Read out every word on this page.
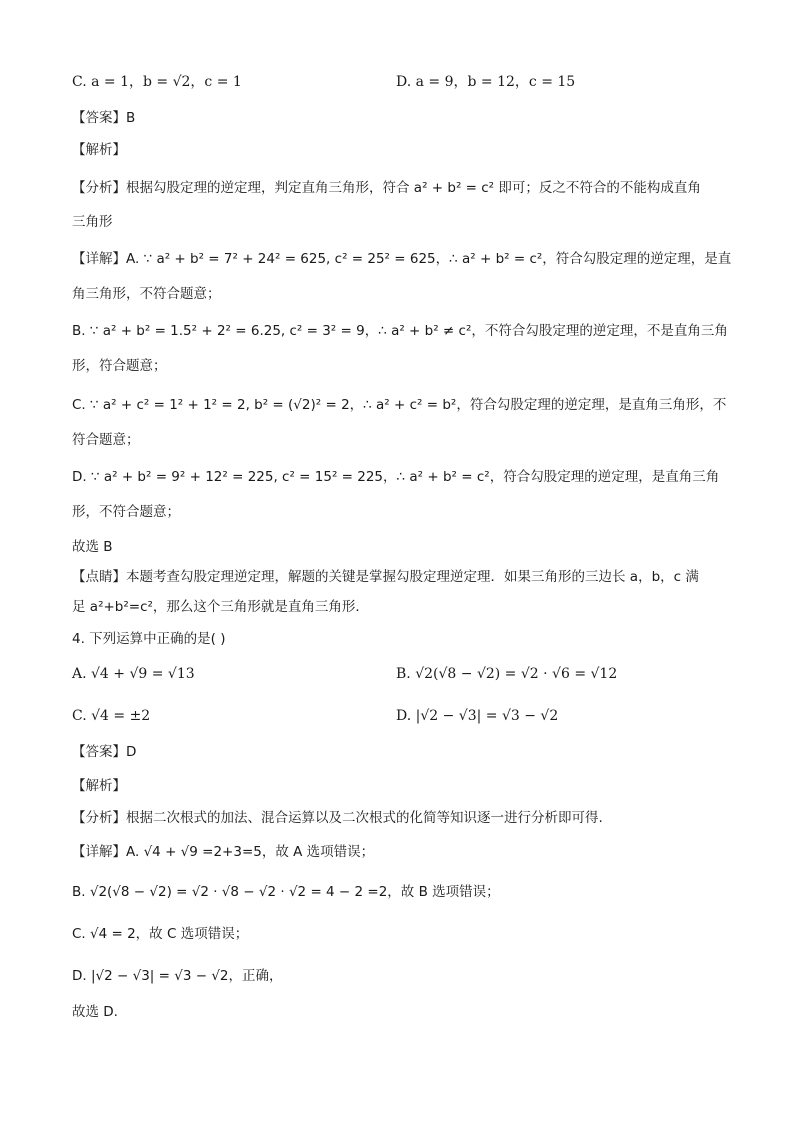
C. a = 1，b = √2，c = 1	D. a = 9，b = 12，c = 15
【答案】B
【解析】
【分析】根据勾股定理的逆定理，判定直角三角形，符合 a² + b² = c² 即可；反之不符合的不能构成直角
三角形
【详解】A. ∵ a² + b² = 7² + 24² = 625, c² = 25² = 625，∴ a² + b² = c²，符合勾股定理的逆定理，是直
角三角形，不符合题意；
B. ∵ a² + b² = 1.5² + 2² = 6.25, c² = 3² = 9，∴ a² + b² ≠ c²，不符合勾股定理的逆定理，不是直角三角
形，符合题意；
C. ∵ a² + c² = 1² + 1² = 2, b² = (√2)² = 2，∴ a² + c² = b²，符合勾股定理的逆定理，是直角三角形，不
符合题意；
D. ∵ a² + b² = 9² + 12² = 225, c² = 15² = 225，∴ a² + b² = c²，符合勾股定理的逆定理，是直角三角
形，不符合题意；
故选 B
【点睛】本题考查勾股定理逆定理，解题的关键是掌握勾股定理逆定理．如果三角形的三边长 a，b，c 满
足 a²+b²=c²，那么这个三角形就是直角三角形．
4. 下列运算中正确的是( )
A. √4 + √9 = √13	B. √2(√8 − √2) = √2 · √6 = √12
C. √4 = ±2	D. |√2 − √3| = √3 − √2
【答案】D
【解析】
【分析】根据二次根式的加法、混合运算以及二次根式的化简等知识逐一进行分析即可得.
【详解】A. √4 + √9 =2+3=5，故 A 选项错误；
B. √2(√8 − √2) = √2 · √8 − √2 · √2 = 4 − 2 =2，故 B 选项错误；
C. √4 = 2，故 C 选项错误；
D. |√2 − √3| = √3 − √2，正确，
故选 D.
